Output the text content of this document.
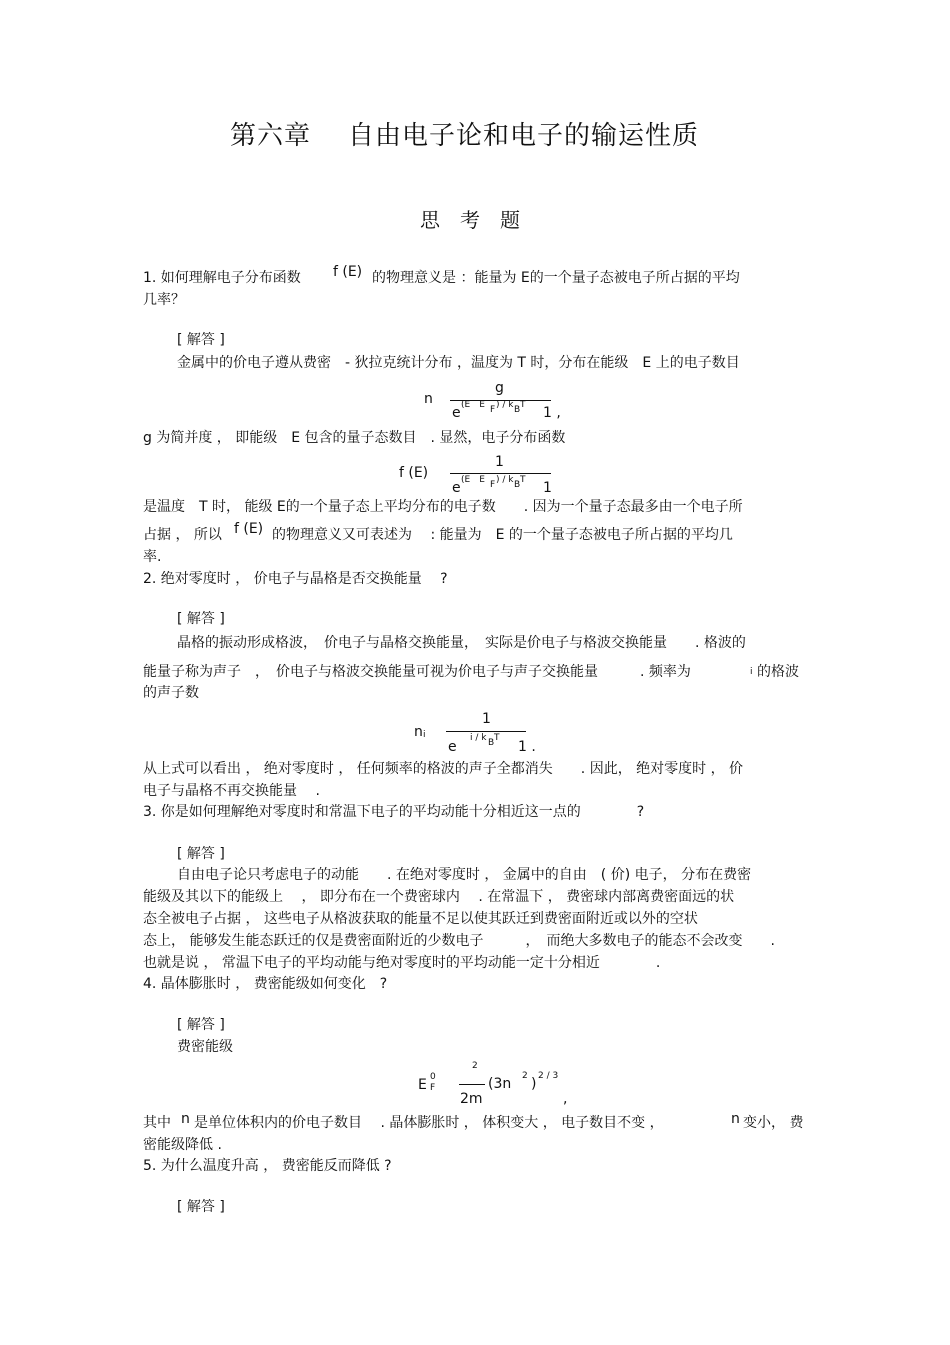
第六章 自由电子论和电子的输运性质
思　考　题
1. 如何理解电子分布函数 f (E) 的物理意义是 ：能量为 E的一个量子态被电子所占据的平均
几率？
[ 解答 ]
金属中的价电子遵从费密　- 狄拉克统计分布 ，温度为 T 时，分布在能级　E 上的电子数目
n
g
e (E　E F ) / k B T 1 ,
g 为简并度 ， 即能级　E 包含的量子态数目　. 显然，电子分布函数
f (E)
1
e (E　E F ) / k B T 1
是温度　T 时， 能级 E的一个量子态上平均分布的电子数　　. 因为一个量子态最多由一个电子所
占据 ， 所以 f (E) 的物理意义又可表述为　 : 能量为　E 的一个量子态被电子所占据的平均几
率.
2. 绝对零度时 ， 价电子与晶格是否交换能量　 ?
[ 解答 ]
晶格的振动形成格波，　价电子与晶格交换能量，　实际是价电子与格波交换能量　　. 格波的
能量子称为声子　，　价电子与格波交换能量可视为价电子与声子交换能量　　　. 频率为	i 的格波
的声子数
n i
1
e
i / k B T
1 .
从上式可以看出 ， 绝对零度时 ， 任何频率的格波的声子全都消失　　. 因此， 绝对零度时 ， 价
电子与晶格不再交换能量　 .
3. 你是如何理解绝对零度时和常温下电子的平均动能十分相近这一点的　　　　?
[ 解答 ]
自由电子论只考虑电子的动能　　. 在绝对零度时 ， 金属中的自由　( 价) 电子， 分布在费密
能级及其以下的能级上　 ， 即分布在一个费密球内　 . 在常温下 ， 费密球内部离费密面远的状
态全被电子占据 ， 这些电子从格波获取的能量不足以使其跃迁到费密面附近或以外的空状
态上， 能够发生能态跃迁的仅是费密面附近的少数电子　　　，　而绝大多数电子的能态不会改变　　.
也就是说 ， 常温下电子的平均动能与绝对零度时的平均动能一定十分相近　　　　.
4. 晶体膨胀时 ， 费密能级如何变化　?
[ 解答 ]
费密能级
E 0
F
2
2m
(3n　
2 ) 2 / 3
,
其中 n 是单位体积内的价电子数目　 . 晶体膨胀时 ， 体积变大 ， 电子数目不变 ，	n 变小， 费
密能级降低 .
5. 为什么温度升高 ， 费密能反而降低 ?
[ 解答 ]
